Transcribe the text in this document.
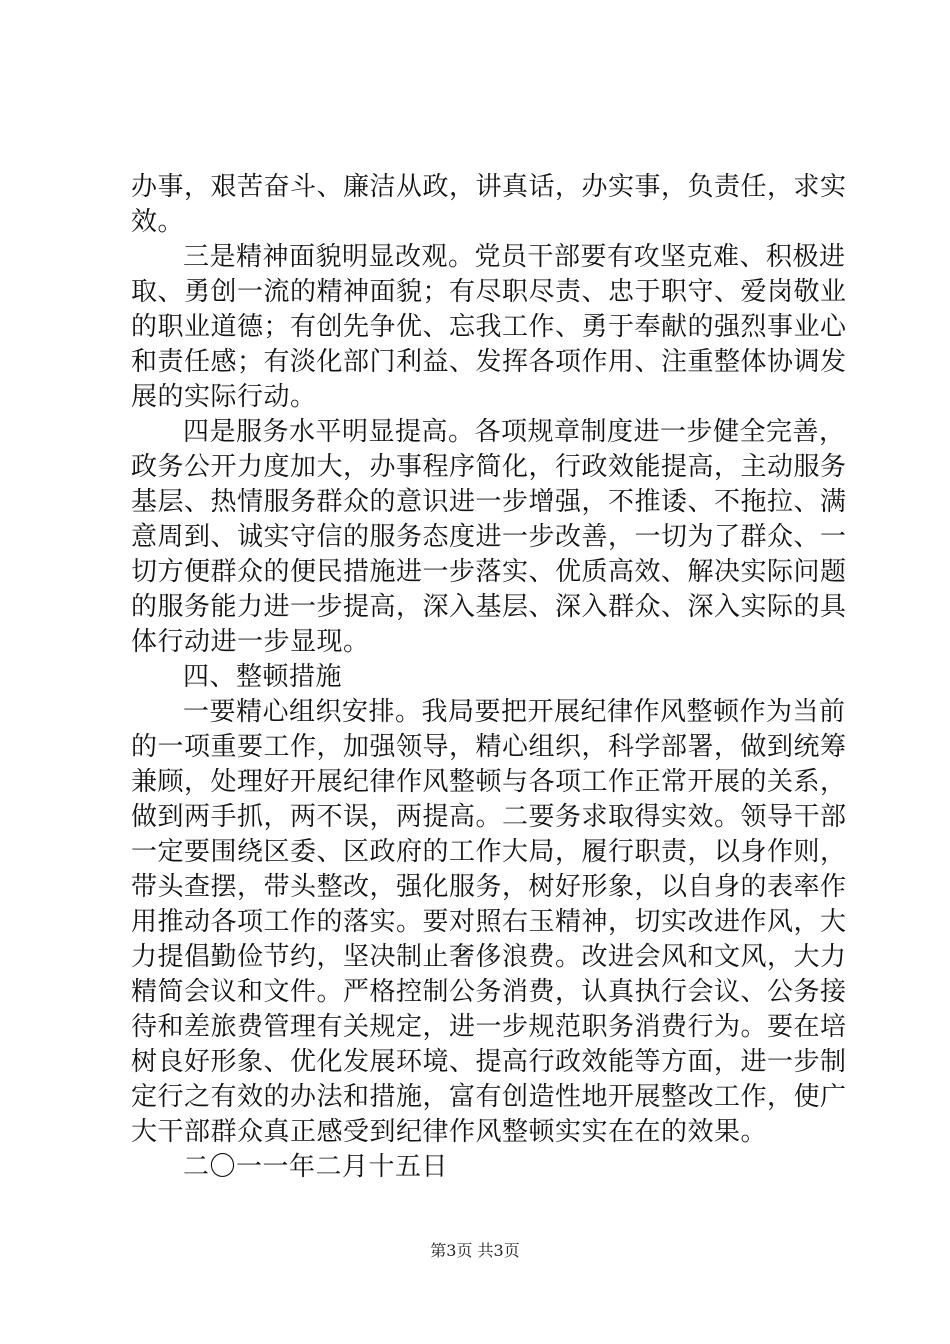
办事，艰苦奋斗、廉洁从政，讲真话，办实事，负责任，求实
效。
三是精神面貌明显改观。党员干部要有攻坚克难、积极进
取、勇创一流的精神面貌；有尽职尽责、忠于职守、爱岗敬业
的职业道德；有创先争优、忘我工作、勇于奉献的强烈事业心
和责任感；有淡化部门利益、发挥各项作用、注重整体协调发
展的实际行动。
四是服务水平明显提高。各项规章制度进一步健全完善，
政务公开力度加大，办事程序简化，行政效能提高，主动服务
基层、热情服务群众的意识进一步增强，不推诿、不拖拉、满
意周到、诚实守信的服务态度进一步改善，一切为了群众、一
切方便群众的便民措施进一步落实、优质高效、解决实际问题
的服务能力进一步提高，深入基层、深入群众、深入实际的具
体行动进一步显现。
四、整顿措施
一要精心组织安排。我局要把开展纪律作风整顿作为当前
的一项重要工作，加强领导，精心组织，科学部署，做到统筹
兼顾，处理好开展纪律作风整顿与各项工作正常开展的关系，
做到两手抓，两不误，两提高。二要务求取得实效。领导干部
一定要围绕区委、区政府的工作大局，履行职责，以身作则，
带头查摆，带头整改，强化服务，树好形象，以自身的表率作
用推动各项工作的落实。要对照右玉精神，切实改进作风，大
力提倡勤俭节约，坚决制止奢侈浪费。改进会风和文风，大力
精简会议和文件。严格控制公务消费，认真执行会议、公务接
待和差旅费管理有关规定，进一步规范职务消费行为。要在培
树良好形象、优化发展环境、提高行政效能等方面，进一步制
定行之有效的办法和措施，富有创造性地开展整改工作，使广
大干部群众真正感受到纪律作风整顿实实在在的效果。
二〇一一年二月十五日
第3页 共3页
